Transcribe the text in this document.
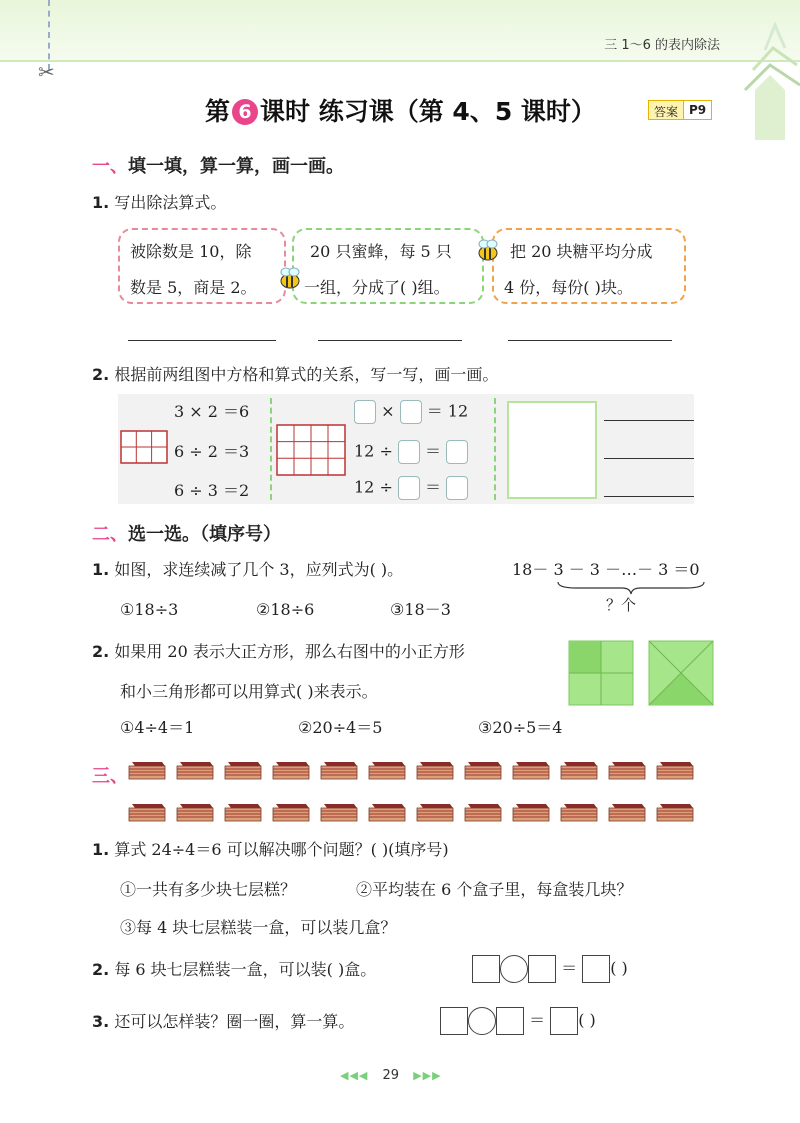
✂
三 1～6 的表内除法
第 6 课时 练习课（第 4、5 课时）	答案 P9
一、填一填，算一算，画一画。
1. 写出除法算式。
被除数是 10，除
数是 5，商是 2。
20 只蜜蜂，每 5 只
一组，分成了( )组。
把 20 块糖平均分成
4 份，每份( )块。
2. 根据前两组图中方格和算式的关系，写一写，画一画。
3 × 2 ＝6
6 ÷ 2 ＝3
6 ÷ 3 ＝2
× ＝ 12
12 ÷ ＝
12 ÷ ＝
二、选一选。（填序号）
1. 如图，求连续减了几个 3，应列式为( )。	18－ 3 － 3 －…－ 3 ＝0
？个
①18÷3	②18÷6	③18－3
2. 如果用 20 表示大正方形，那么右图中的小正方形
和小三角形都可以用算式( )来表示。
①4÷4＝1	②20÷4＝5	③20÷5＝4
三、
1. 算式 24÷4＝6 可以解决哪个问题？( )(填序号)
①一共有多少块七层糕？	②平均装在 6 个盒子里，每盒装几块？
③每 4 块七层糕装一盒，可以装几盒？
2. 每 6 块七层糕装一盒，可以装( )盒。	＝ ( )
3. 还可以怎样装？圈一圈，算一算。	＝ ( )
◀◀◀ 29 ▶▶▶
